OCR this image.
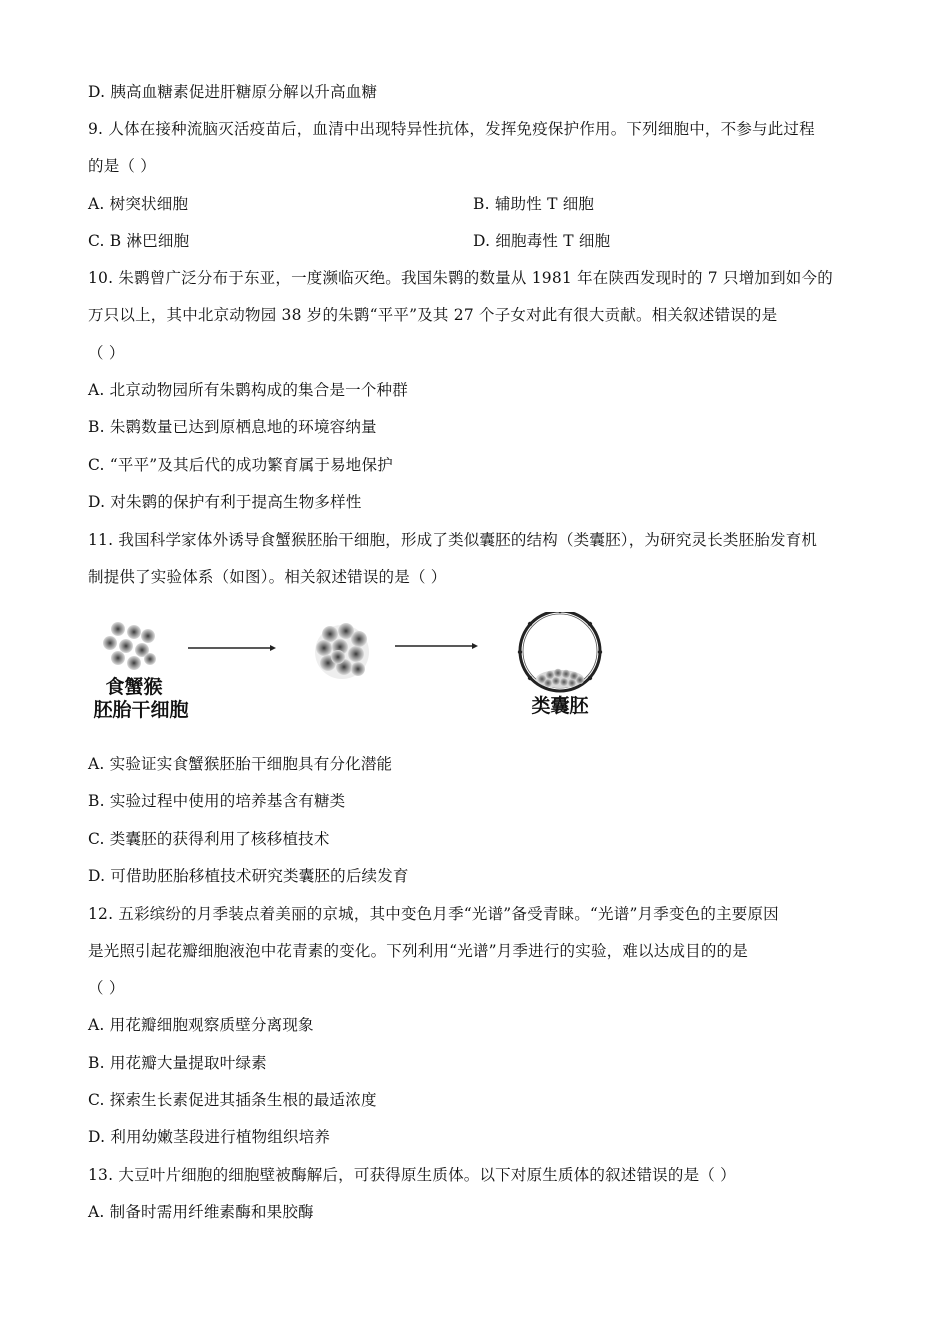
D. 胰高血糖素促进肝糖原分解以升高血糖
9. 人体在接种流脑灭活疫苗后，血清中出现特异性抗体，发挥免疫保护作用。下列细胞中，不参与此过程
的是（ ）
A. 树突状细胞	B. 辅助性 T 细胞
C. B 淋巴细胞	D. 细胞毒性 T 细胞
10. 朱鹮曾广泛分布于东亚，一度濒临灭绝。我国朱鹮的数量从 1981 年在陕西发现时的 7 只增加到如今的
万只以上，其中北京动物园 38 岁的朱鹮“平平”及其 27 个子女对此有很大贡献。相关叙述错误的是
（ ）
A. 北京动物园所有朱鹮构成的集合是一个种群
B. 朱鹮数量已达到原栖息地的环境容纳量
C. “平平”及其后代的成功繁育属于易地保护
D. 对朱鹮的保护有利于提高生物多样性
11. 我国科学家体外诱导食蟹猴胚胎干细胞，形成了类似囊胚的结构（类囊胚），为研究灵长类胚胎发育机
制提供了实验体系（如图）。相关叙述错误的是（ ）
食蟹猴
胚胎干细胞	类囊胚
A. 实验证实食蟹猴胚胎干细胞具有分化潜能
B. 实验过程中使用的培养基含有糖类
C. 类囊胚的获得利用了核移植技术
D. 可借助胚胎移植技术研究类囊胚的后续发育
12. 五彩缤纷的月季装点着美丽的京城，其中变色月季“光谱”备受青睐。“光谱”月季变色的主要原因
是光照引起花瓣细胞液泡中花青素的变化。下列利用“光谱”月季进行的实验，难以达成目的的是
（ ）
A. 用花瓣细胞观察质壁分离现象
B. 用花瓣大量提取叶绿素
C. 探索生长素促进其插条生根的最适浓度
D. 利用幼嫩茎段进行植物组织培养
13. 大豆叶片细胞的细胞壁被酶解后，可获得原生质体。以下对原生质体的叙述错误的是（ ）
A. 制备时需用纤维素酶和果胶酶
